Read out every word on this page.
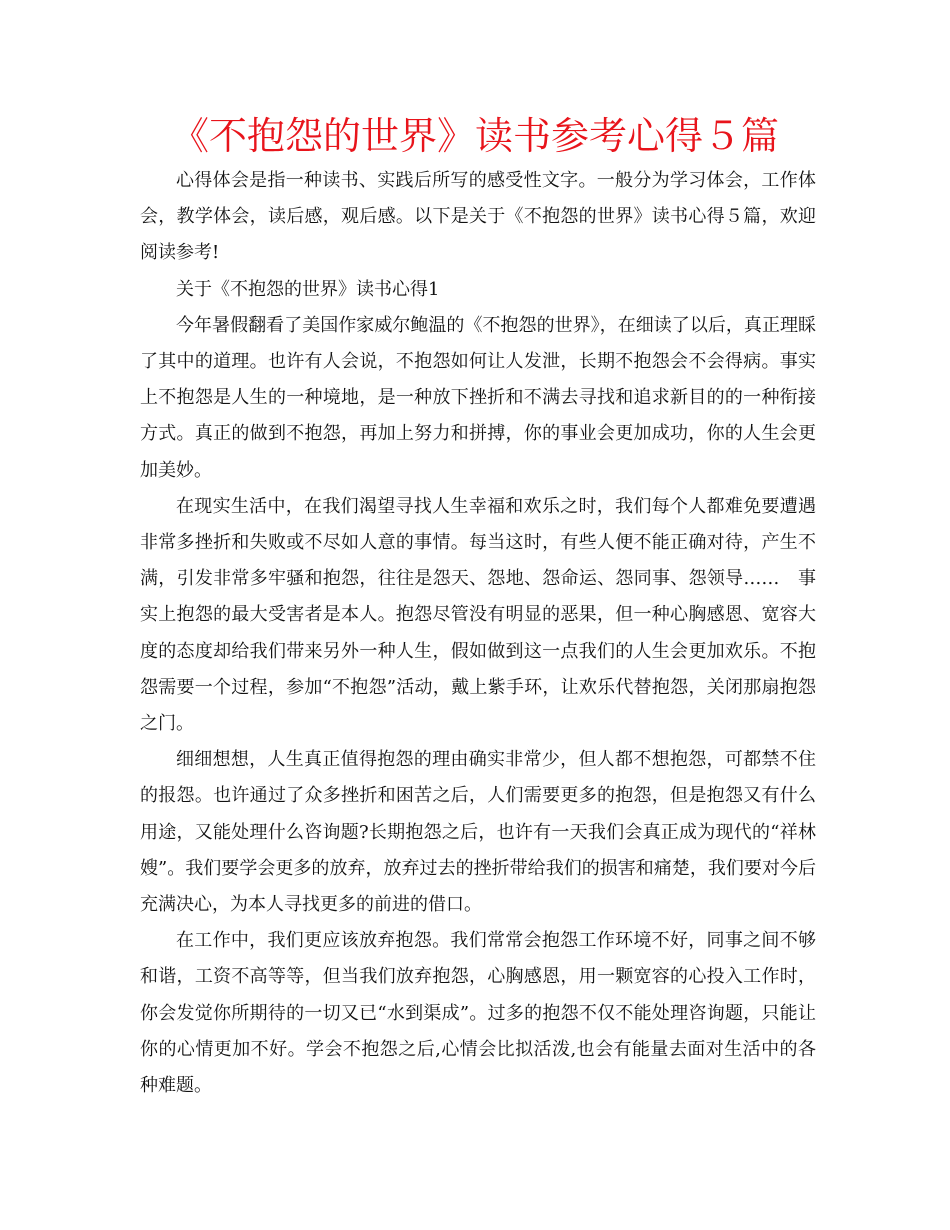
《不抱怨的世界》读书参考心得５篇

心得体会是指一种读书、实践后所写的感受性文字。一般分为学习体会，工作体会，教学体会，读后感，观后感。以下是关于《不抱怨的世界》读书心得５篇，欢迎阅读参考!

关于《不抱怨的世界》读书心得1

今年暑假翻看了美国作家威尔鲍温的《不抱怨的世界》，在细读了以后，真正理睬了其中的道理。也许有人会说，不抱怨如何让人发泄，长期不抱怨会不会得病。事实上不抱怨是人生的一种境地，是一种放下挫折和不满去寻找和追求新目的的一种衔接方式。真正的做到不抱怨，再加上努力和拼搏，你的事业会更加成功，你的人生会更加美妙。

在现实生活中，在我们渴望寻找人生幸福和欢乐之时，我们每个人都难免要遭遇非常多挫折和失败或不尽如人意的事情。每当这时，有些人便不能正确对待，产生不满，引发非常多牢骚和抱怨，往往是怨天、怨地、怨命运、怨同事、怨领导……　事实上抱怨的最大受害者是本人。抱怨尽管没有明显的恶果，但一种心胸感恩、宽容大度的态度却给我们带来另外一种人生，假如做到这一点我们的人生会更加欢乐。不抱怨需要一个过程，参加“不抱怨”活动，戴上紫手环，让欢乐代替抱怨，关闭那扇抱怨之门。

细细想想，人生真正值得抱怨的理由确实非常少，但人都不想抱怨，可都禁不住的报怨。也许通过了众多挫折和困苦之后，人们需要更多的抱怨，但是抱怨又有什么用途，又能处理什么咨询题?长期抱怨之后，也许有一天我们会真正成为现代的“祥林嫂”。我们要学会更多的放弃，放弃过去的挫折带给我们的损害和痛楚，我们要对今后充满决心，为本人寻找更多的前进的借口。

在工作中，我们更应该放弃抱怨。我们常常会抱怨工作环境不好，同事之间不够和谐，工资不高等等，但当我们放弃抱怨，心胸感恩，用一颗宽容的心投入工作时，你会发觉你所期待的一切又已“水到渠成”。过多的抱怨不仅不能处理咨询题，只能让你的心情更加不好。学会不抱怨之后,心情会比拟活泼,也会有能量去面对生活中的各种难题。
